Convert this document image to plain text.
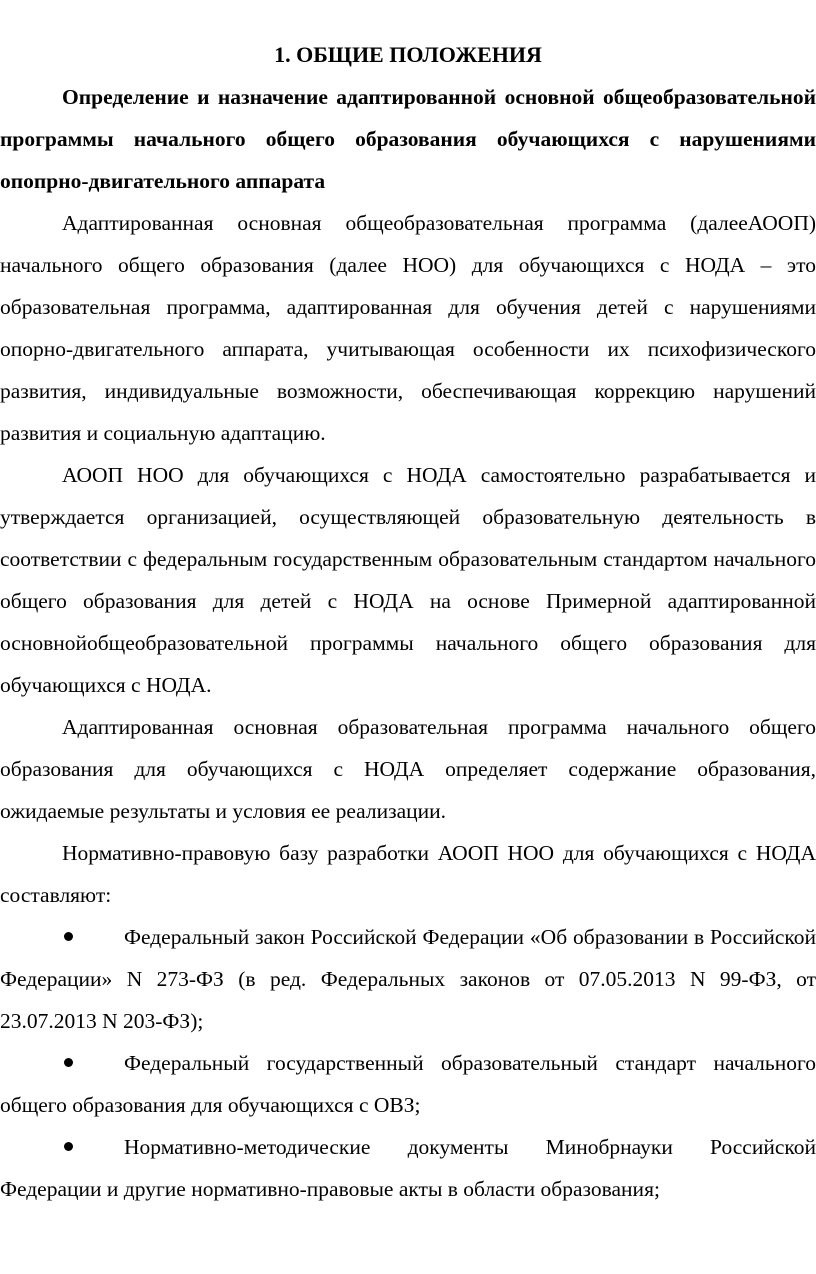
1. ОБЩИЕ ПОЛОЖЕНИЯ

Определение и назначение адаптированной основной общеобразовательной программы начального общего образования обучающихся с нарушениями опопрно-двигательного аппарата

Адаптированная основная общеобразовательная программа (далееАООП) начального общего образования (далее НОО) для обучающихся с НОДА – это образовательная программа, адаптированная для обучения детей с нарушениями опорно-двигательного аппарата, учитывающая особенности их психофизического развития, индивидуальные возможности, обеспечивающая коррекцию нарушений развития и социальную адаптацию.

АООП НОО для обучающихся с НОДА самостоятельно разрабатывается и утверждается организацией, осуществляющей образовательную деятельность в соответствии с федеральным государственным образовательным стандартом начального общего образования для детей с НОДА на основе Примерной адаптированной основнойобщеобразовательной программы начального общего образования для обучающихся с НОДА.

Адаптированная основная образовательная программа начального общего образования для обучающихся с НОДА определяет содержание образования, ожидаемые результаты и условия ее реализации.

Нормативно-правовую базу разработки АООП НОО для обучающихся с НОДА составляют:

Федеральный закон Российской Федерации «Об образовании в Российской Федерации» N 273-ФЗ (в ред. Федеральных законов от 07.05.2013 N 99-ФЗ, от 23.07.2013 N 203-ФЗ);
Федеральный государственный образовательный стандарт начального общего образования для обучающихся с ОВЗ;
Нормативно-методические документы Минобрнауки Российской Федерации и другие нормативно-правовые акты в области образования;
